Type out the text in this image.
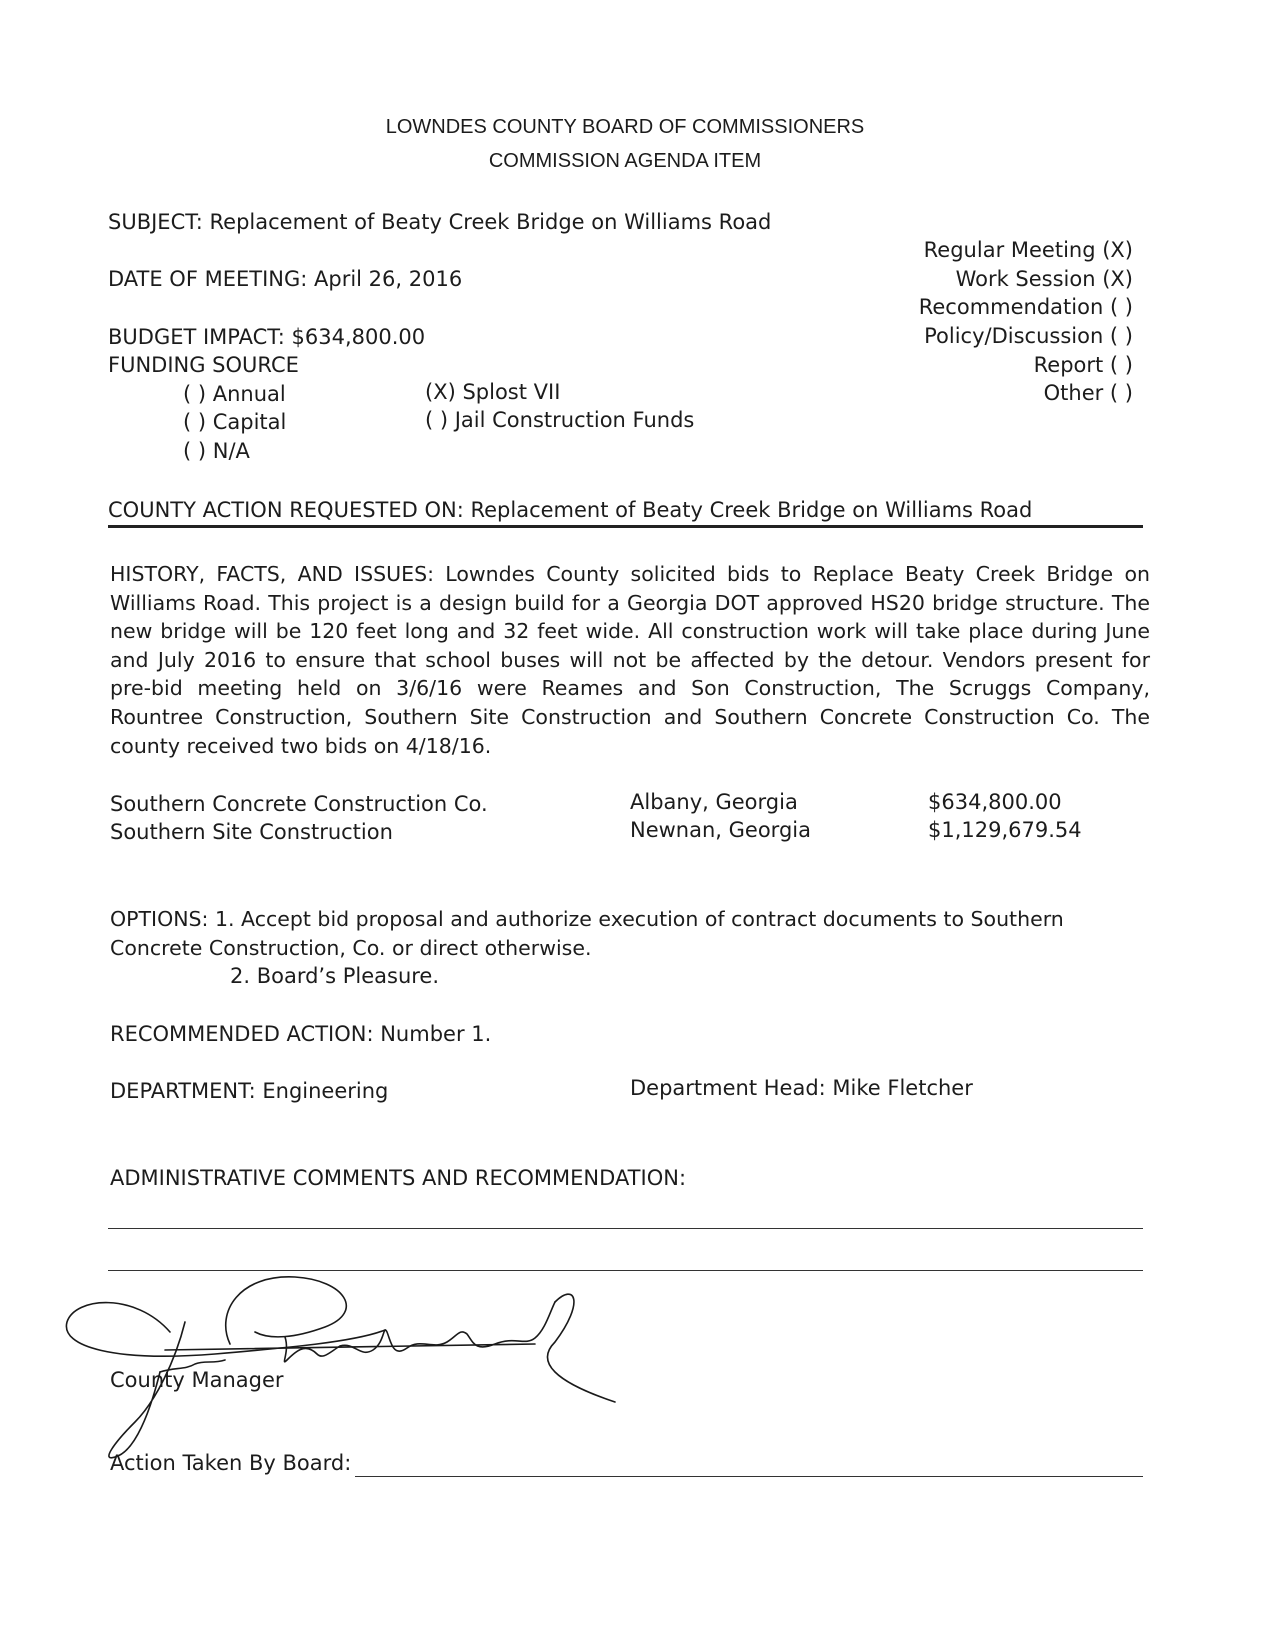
LOWNDES COUNTY BOARD OF COMMISSIONERS
COMMISSION AGENDA ITEM
SUBJECT: Replacement of Beaty Creek Bridge on Williams Road
DATE OF MEETING: April 26, 2016
BUDGET IMPACT: $634,800.00
FUNDING SOURCE
( ) Annual
( ) Capital
( ) N/A
(X) Splost VII
( ) Jail Construction Funds
Regular Meeting (X)
Work Session (X)
Recommendation ( )
Policy/Discussion ( )
Report ( )
Other ( )
COUNTY ACTION REQUESTED ON: Replacement of Beaty Creek Bridge on Williams Road
HISTORY, FACTS, AND ISSUES: Lowndes County solicited bids to Replace Beaty Creek Bridge on Williams Road. This project is a design build for a Georgia DOT approved HS20 bridge structure. The new bridge will be 120 feet long and 32 feet wide. All construction work will take place during June and July 2016 to ensure that school buses will not be affected by the detour. Vendors present for pre-bid meeting held on 3/6/16 were Reames and Son Construction, The Scruggs Company, Rountree Construction, Southern Site Construction and Southern Concrete Construction Co. The county received two bids on 4/18/16.
Southern Concrete Construction Co.	Albany, Georgia	$634,800.00
Southern Site Construction	Newnan, Georgia	$1,129,679.54
OPTIONS: 1. Accept bid proposal and authorize execution of contract documents to Southern Concrete Construction, Co. or direct otherwise.
2. Board’s Pleasure.
RECOMMENDED ACTION: Number 1.
DEPARTMENT: Engineering	Department Head: Mike Fletcher
ADMINISTRATIVE COMMENTS AND RECOMMENDATION:
County Manager
Action Taken By Board:
